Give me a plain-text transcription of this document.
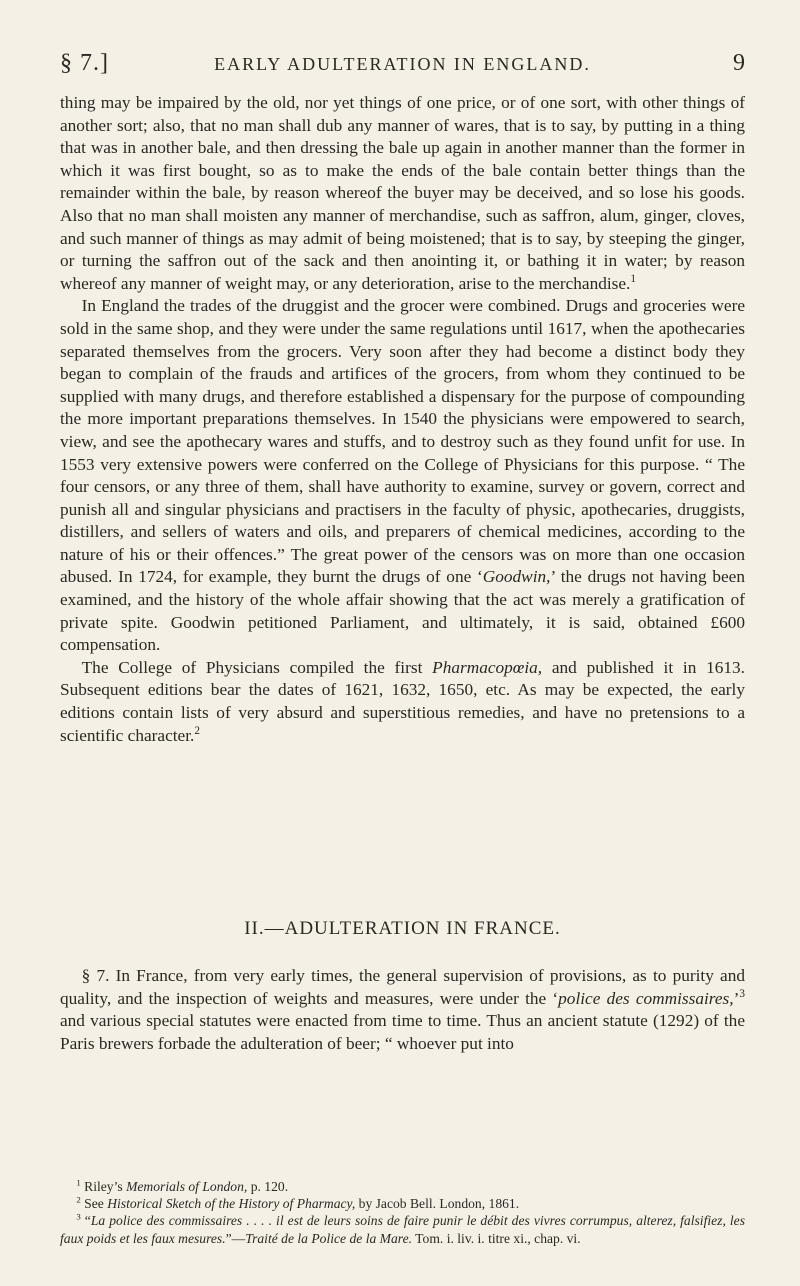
§ 7.]	EARLY ADULTERATION IN ENGLAND.	9

thing may be impaired by the old, nor yet things of one price, or of one sort, with other things of another sort; also, that no man shall dub any manner of wares, that is to say, by putting in a thing that was in another bale, and then dressing the bale up again in another manner than the former in which it was first bought, so as to make the ends of the bale contain better things than the remainder within the bale, by reason whereof the buyer may be deceived, and so lose his goods. Also that no man shall moisten any manner of merchandise, such as saffron, alum, ginger, cloves, and such manner of things as may admit of being moistened; that is to say, by steeping the ginger, or turning the saffron out of the sack and then anointing it, or bathing it in water; by reason whereof any manner of weight may, or any deterioration, arise to the merchandise.$^1$

In England the trades of the druggist and the grocer were combined. Drugs and groceries were sold in the same shop, and they were under the same regulations until 1617, when the apothecaries separated themselves from the grocers. Very soon after they had become a distinct body they began to complain of the frauds and artifices of the grocers, from whom they continued to be supplied with many drugs, and therefore established a dispensary for the purpose of compounding the more important preparations themselves. In 1540 the physicians were empowered to search, view, and see the apothecary wares and stuffs, and to destroy such as they found unfit for use. In 1553 very extensive powers were conferred on the College of Physicians for this purpose. “ The four censors, or any three of them, shall have authority to examine, survey or govern, correct and punish all and singular physicians and practisers in the faculty of physic, apothecaries, druggists, distillers, and sellers of waters and oils, and preparers of chemical medicines, according to the nature of his or their offences.” The great power of the censors was on more than one occasion abused. In 1724, for example, they burnt the drugs of one ‘Goodwin,’ the drugs not having been examined, and the history of the whole affair showing that the act was merely a gratification of private spite. Goodwin petitioned Parliament, and ultimately, it is said, obtained £600 compensation.

The College of Physicians compiled the first Pharmacopœia, and published it in 1613. Subsequent editions bear the dates of 1621, 1632, 1650, etc. As may be expected, the early editions contain lists of very absurd and superstitious remedies, and have no pretensions to a scientific character.$^2$

II.—ADULTERATION IN FRANCE.

§ 7. In France, from very early times, the general supervision of provisions, as to purity and quality, and the inspection of weights and measures, were under the ‘police des commissaires,’$^3$ and various special statutes were enacted from time to time. Thus an ancient statute (1292) of the Paris brewers forbade the adulteration of beer; “ whoever put into

$^1$ Riley’s Memorials of London, p. 120.

$^2$ See Historical Sketch of the History of Pharmacy, by Jacob Bell. London, 1861.

$^3$ “La police des commissaires . . . . il est de leurs soins de faire punir le débit des vivres corrumpus, alterez, falsifiez, les faux poids et les faux mesures.”—Traité de la Police de la Mare. Tom. i. liv. i. titre xi., chap. vi.
